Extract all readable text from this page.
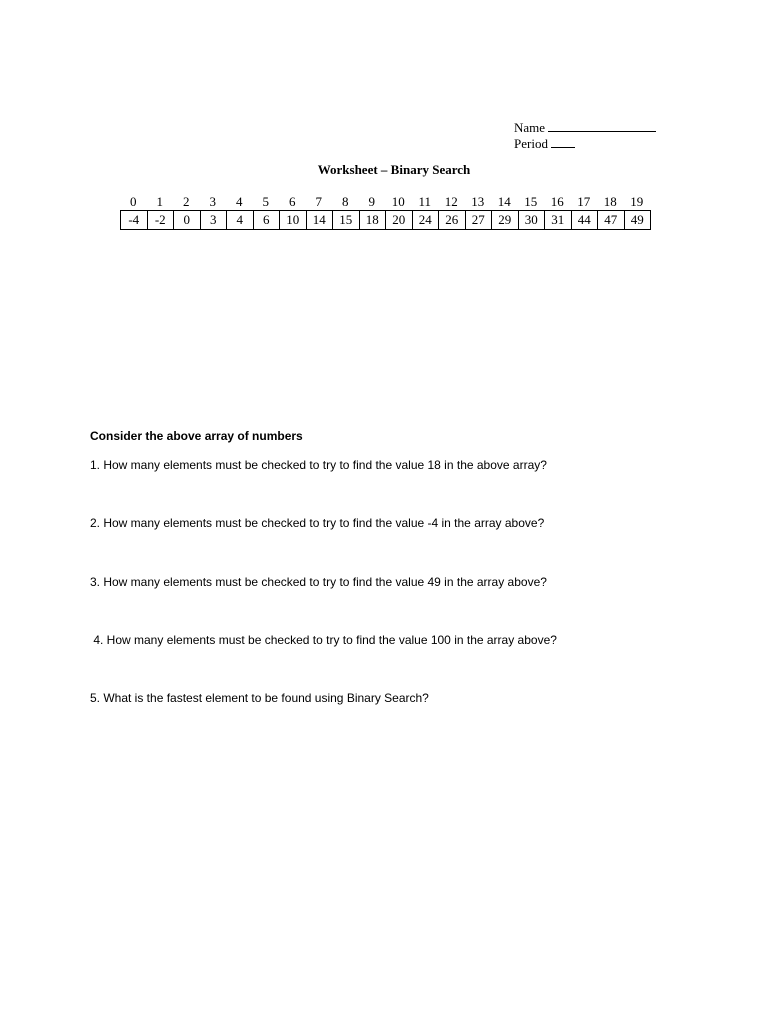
Name
Period
Worksheet – Binary Search
0	1	2	3	4	5	6	7	8	9	10	11	12	13	14	15	16	17	18	19
-4	-2	0	3	4	6	10	14	15	18	20	24	26	27	29	30	31	44	47	49
Consider the above array of numbers
1. How many elements must be checked to try to find the value 18 in the above array?
2. How many elements must be checked to try to find the value -4 in the array above?
3. How many elements must be checked to try to find the value 49 in the array above?
4. How many elements must be checked to try to find the value 100 in the array above?
5. What is the fastest element to be found using Binary Search?
